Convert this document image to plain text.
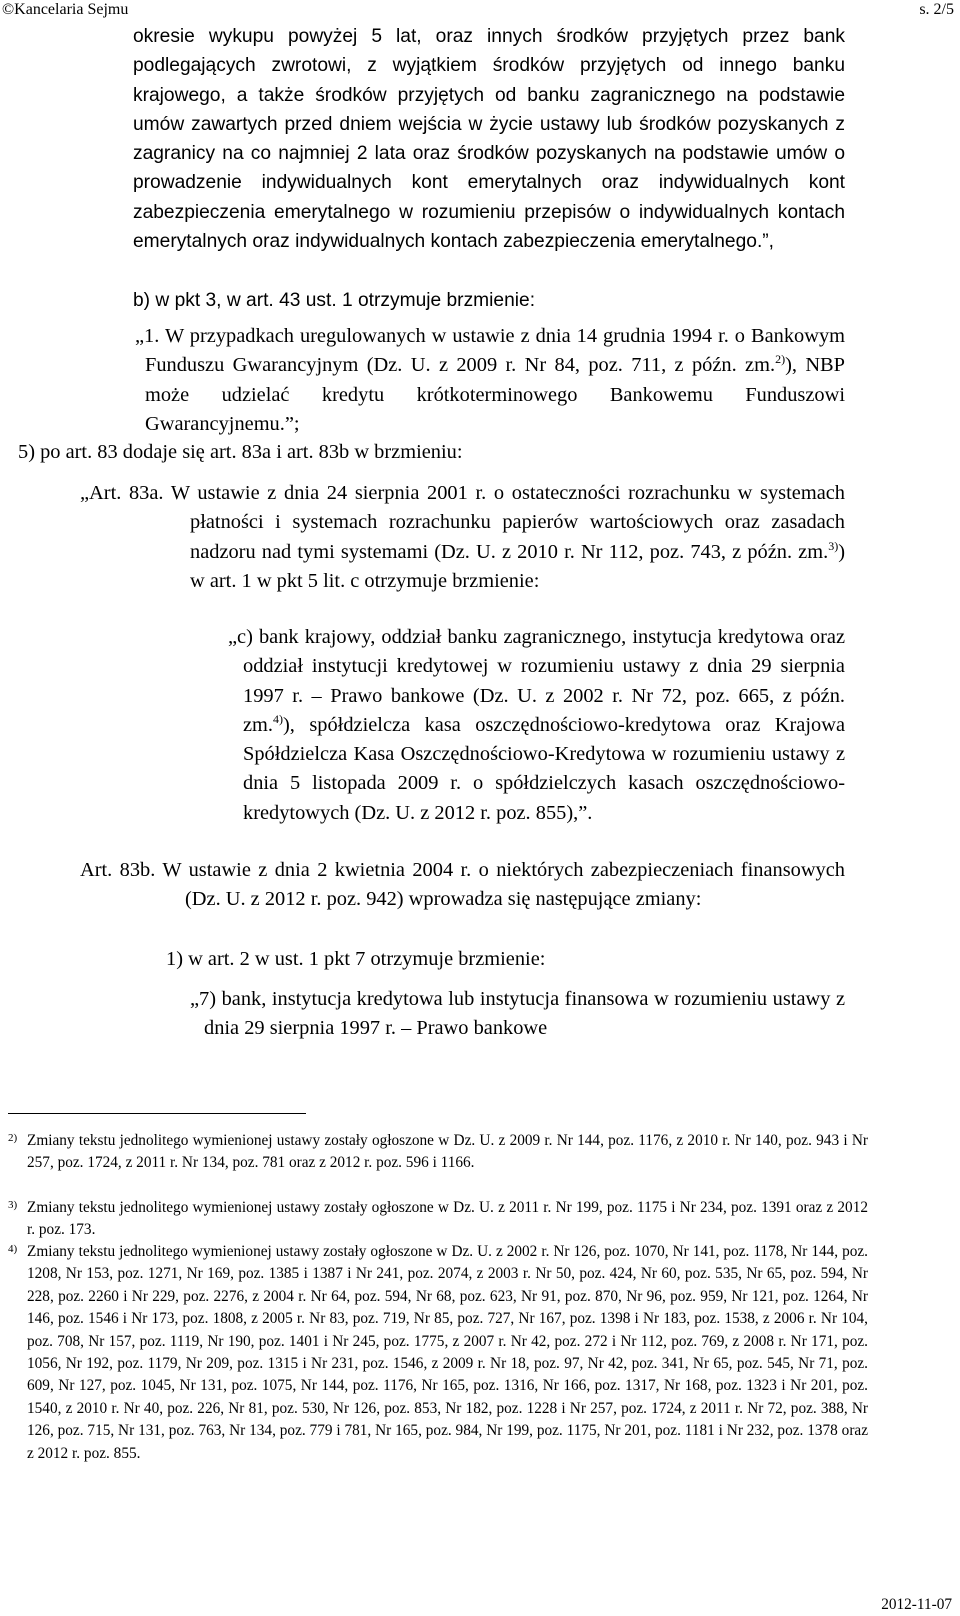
©Kancelaria Sejmu	s. 2/5

okresie wykupu powyżej 5 lat, oraz innych środków przyjętych przez bank podlegających zwrotowi, z wyjątkiem środków przyjętych od innego banku krajowego, a także środków przyjętych od banku zagranicznego na podstawie umów zawartych przed dniem wejścia w życie ustawy lub środków pozyskanych z zagranicy na co najmniej 2 lata oraz środków pozyskanych na podstawie umów o prowadzenie indywidualnych kont emerytalnych oraz indywidualnych kont zabezpieczenia emerytalnego w rozumieniu przepisów o indywidualnych kontach emerytalnych oraz indywidualnych kontach zabezpieczenia emerytalnego.”,

b) w pkt 3, w art. 43 ust. 1 otrzymuje brzmienie:

„1. W przypadkach uregulowanych w ustawie z dnia 14 grudnia 1994 r. o Bankowym Funduszu Gwarancyjnym (Dz. U. z 2009 r. Nr 84, poz. 711, z późn. zm.$^{2)}$), NBP może udzielać kredytu krótkoterminowego Bankowemu Funduszowi Gwarancyjnemu.”;

5) po art. 83 dodaje się art. 83a i art. 83b w brzmieniu:

„Art. 83a. W ustawie z dnia 24 sierpnia 2001 r. o ostateczności rozrachunku w systemach płatności i systemach rozrachunku papierów wartościowych oraz zasadach nadzoru nad tymi systemami (Dz. U. z 2010 r. Nr 112, poz. 743, z późn. zm.$^{3)}$) w art. 1 w pkt 5 lit. c otrzymuje brzmienie:

„c) bank krajowy, oddział banku zagranicznego, instytucja kredytowa oraz oddział instytucji kredytowej w rozumieniu ustawy z dnia 29 sierpnia 1997 r. – Prawo bankowe (Dz. U. z 2002 r. Nr 72, poz. 665, z późn. zm.$^{4)}$), spółdzielcza kasa oszczędnościowo-kredytowa oraz Krajowa Spółdzielcza Kasa Oszczędnościowo-Kredytowa w rozumieniu ustawy z dnia 5 listopada 2009 r. o spółdzielczych kasach oszczędnościowo-kredytowych (Dz. U. z 2012 r. poz. 855),”.

Art. 83b. W ustawie z dnia 2 kwietnia 2004 r. o niektórych zabezpieczeniach finansowych (Dz. U. z 2012 r. poz. 942) wprowadza się następujące zmiany:

1) w art. 2 w ust. 1 pkt 7 otrzymuje brzmienie:

„7) bank, instytucja kredytowa lub instytucja finansowa w rozumieniu ustawy z dnia 29 sierpnia 1997 r. – Prawo bankowe

2) Zmiany tekstu jednolitego wymienionej ustawy zostały ogłoszone w Dz. U. z 2009 r. Nr 144, poz. 1176, z 2010 r. Nr 140, poz. 943 i Nr 257, poz. 1724, z 2011 r. Nr 134, poz. 781 oraz z 2012 r. poz. 596 i 1166.
3) Zmiany tekstu jednolitego wymienionej ustawy zostały ogłoszone w Dz. U. z 2011 r. Nr 199, poz. 1175 i Nr 234, poz. 1391 oraz z 2012 r. poz. 173.
4) Zmiany tekstu jednolitego wymienionej ustawy zostały ogłoszone w Dz. U. z 2002 r. Nr 126, poz. 1070, Nr 141, poz. 1178, Nr 144, poz. 1208, Nr 153, poz. 1271, Nr 169, poz. 1385 i 1387 i Nr 241, poz. 2074, z 2003 r. Nr 50, poz. 424, Nr 60, poz. 535, Nr 65, poz. 594, Nr 228, poz. 2260 i Nr 229, poz. 2276, z 2004 r. Nr 64, poz. 594, Nr 68, poz. 623, Nr 91, poz. 870, Nr 96, poz. 959, Nr 121, poz. 1264, Nr 146, poz. 1546 i Nr 173, poz. 1808, z 2005 r. Nr 83, poz. 719, Nr 85, poz. 727, Nr 167, poz. 1398 i Nr 183, poz. 1538, z 2006 r. Nr 104, poz. 708, Nr 157, poz. 1119, Nr 190, poz. 1401 i Nr 245, poz. 1775, z 2007 r. Nr 42, poz. 272 i Nr 112, poz. 769, z 2008 r. Nr 171, poz. 1056, Nr 192, poz. 1179, Nr 209, poz. 1315 i Nr 231, poz. 1546, z 2009 r. Nr 18, poz. 97, Nr 42, poz. 341, Nr 65, poz. 545, Nr 71, poz. 609, Nr 127, poz. 1045, Nr 131, poz. 1075, Nr 144, poz. 1176, Nr 165, poz. 1316, Nr 166, poz. 1317, Nr 168, poz. 1323 i Nr 201, poz. 1540, z 2010 r. Nr 40, poz. 226, Nr 81, poz. 530, Nr 126, poz. 853, Nr 182, poz. 1228 i Nr 257, poz. 1724, z 2011 r. Nr 72, poz. 388, Nr 126, poz. 715, Nr 131, poz. 763, Nr 134, poz. 779 i 781, Nr 165, poz. 984, Nr 199, poz. 1175, Nr 201, poz. 1181 i Nr 232, poz. 1378 oraz z 2012 r. poz. 855.
2012-11-07
